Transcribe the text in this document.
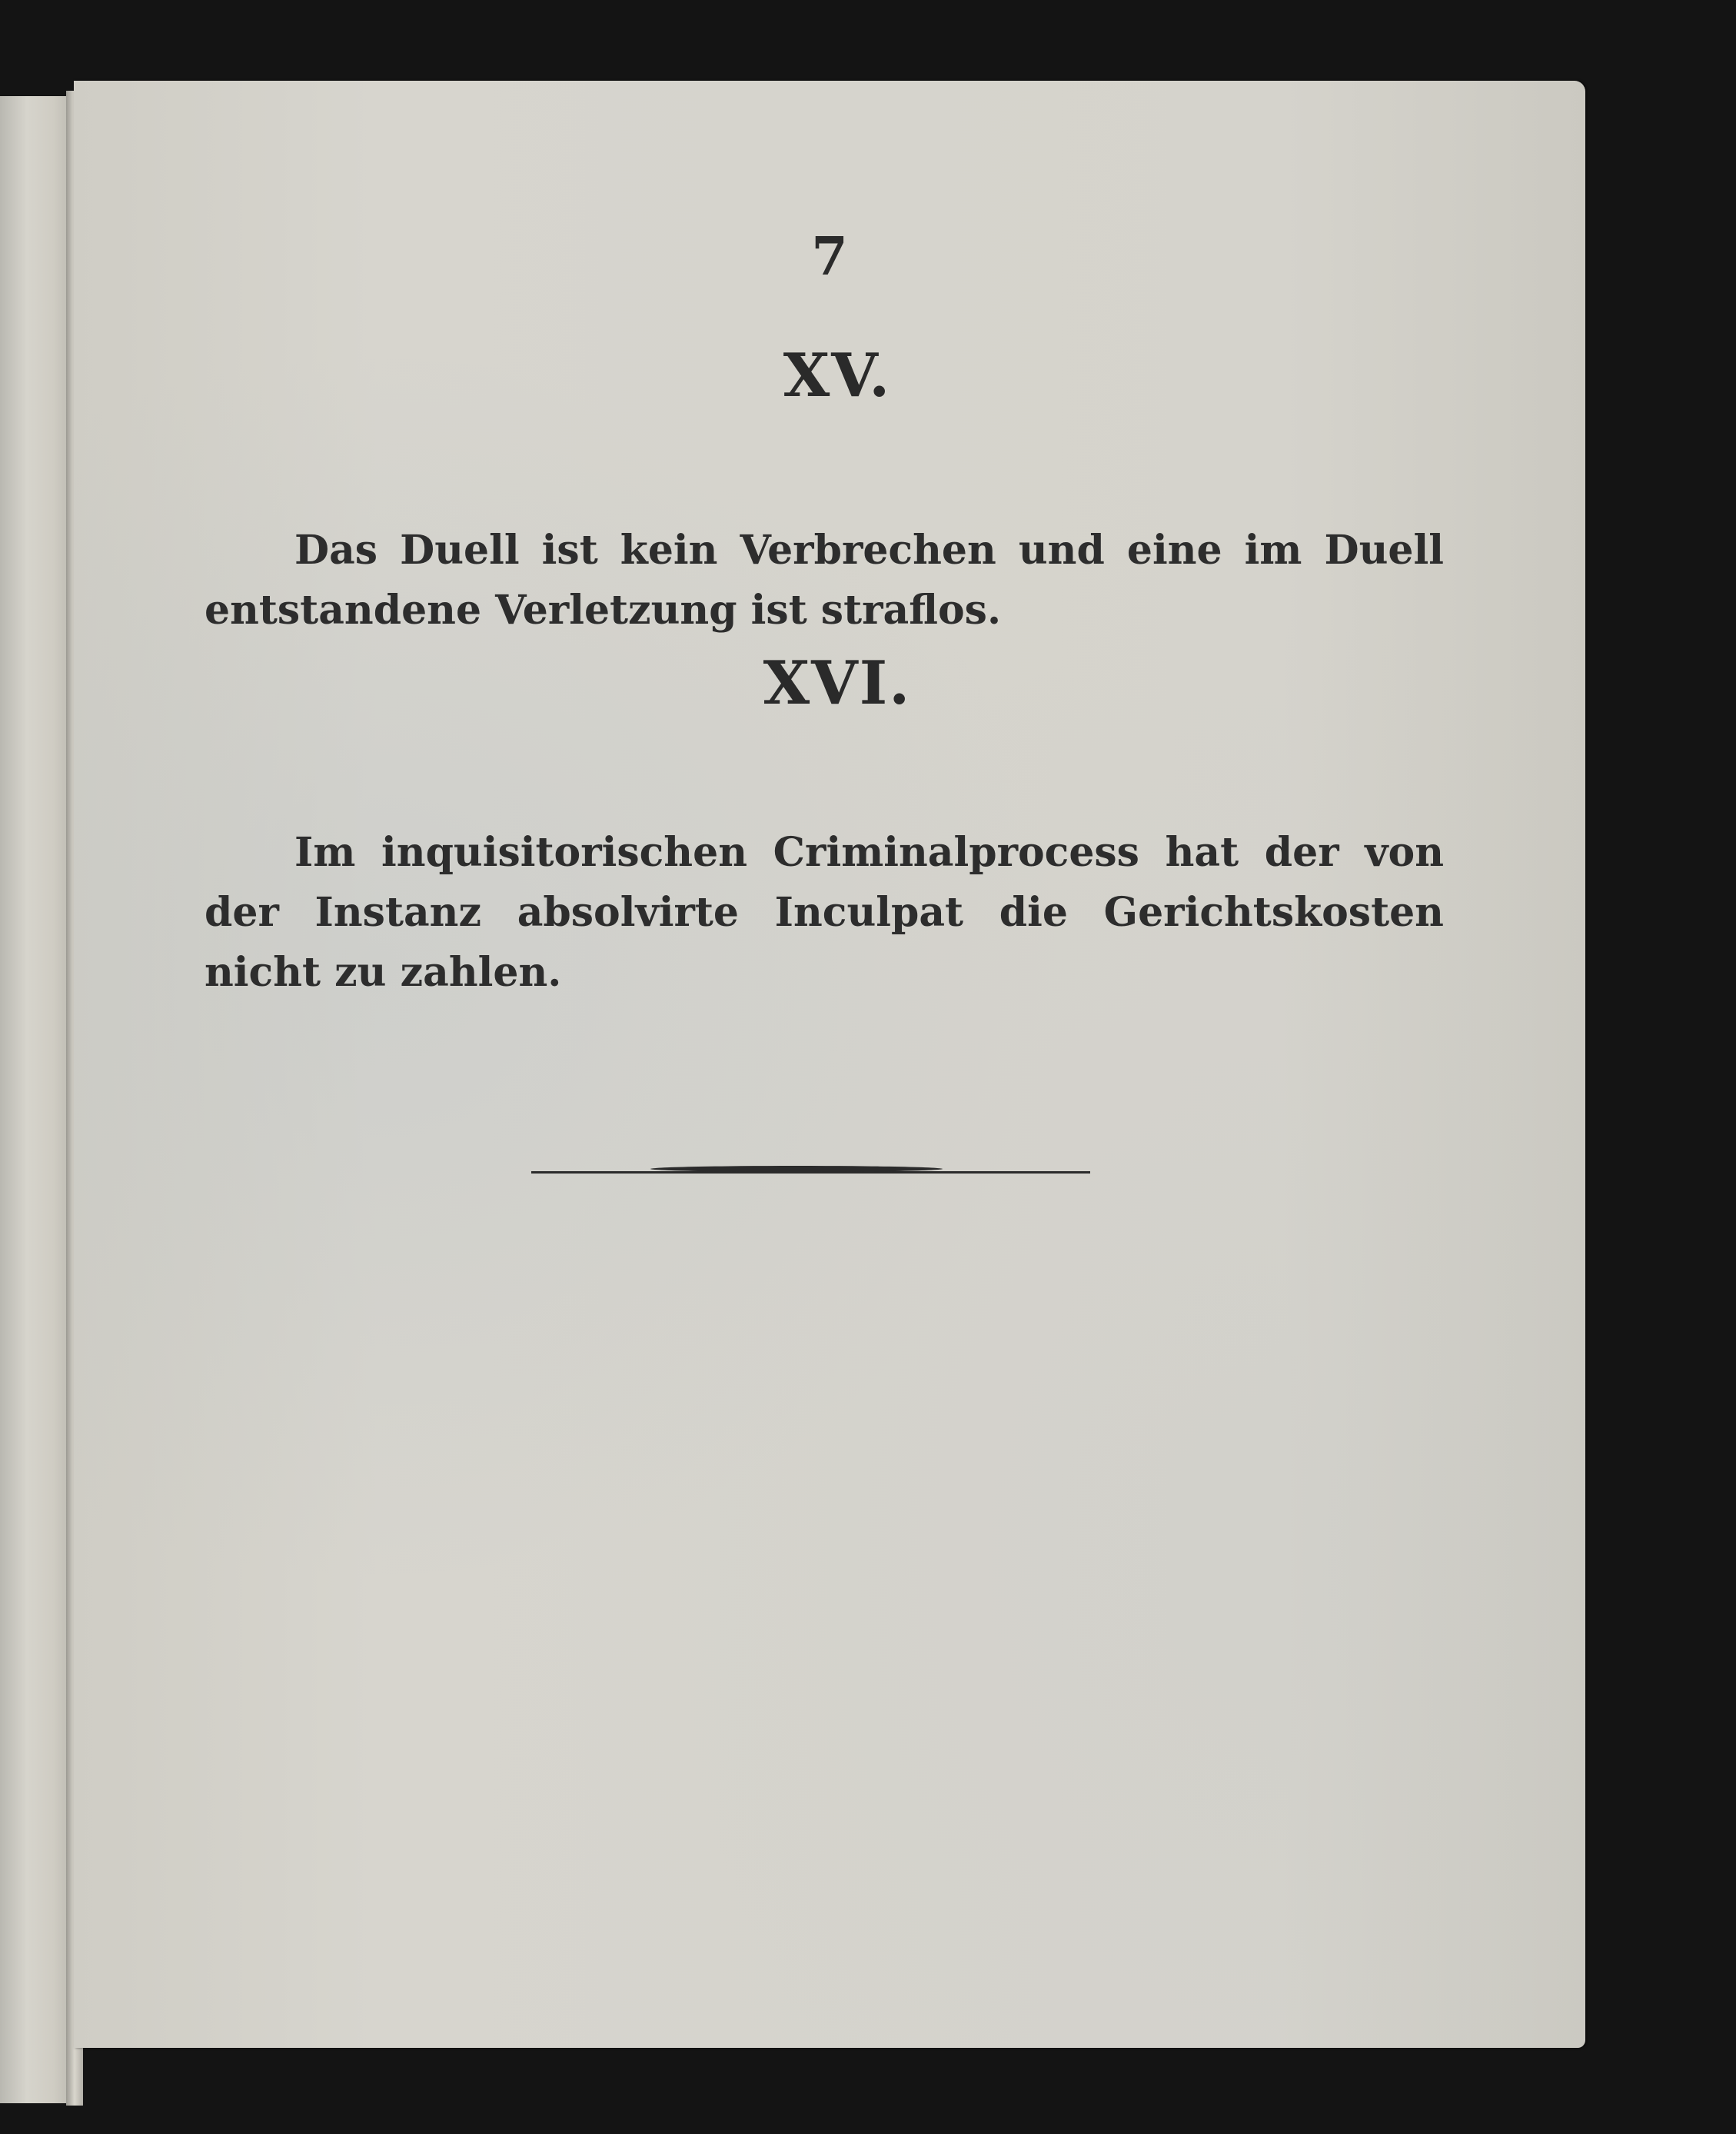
7
XV.
Das Duell ist kein Verbrechen und eine im Duell entstandene Verletzung ist straflos.
XVI.
Im inquisitorischen Criminalprocess hat der von der Instanz absolvirte Inculpat die Gerichtskosten nicht zu zahlen.
